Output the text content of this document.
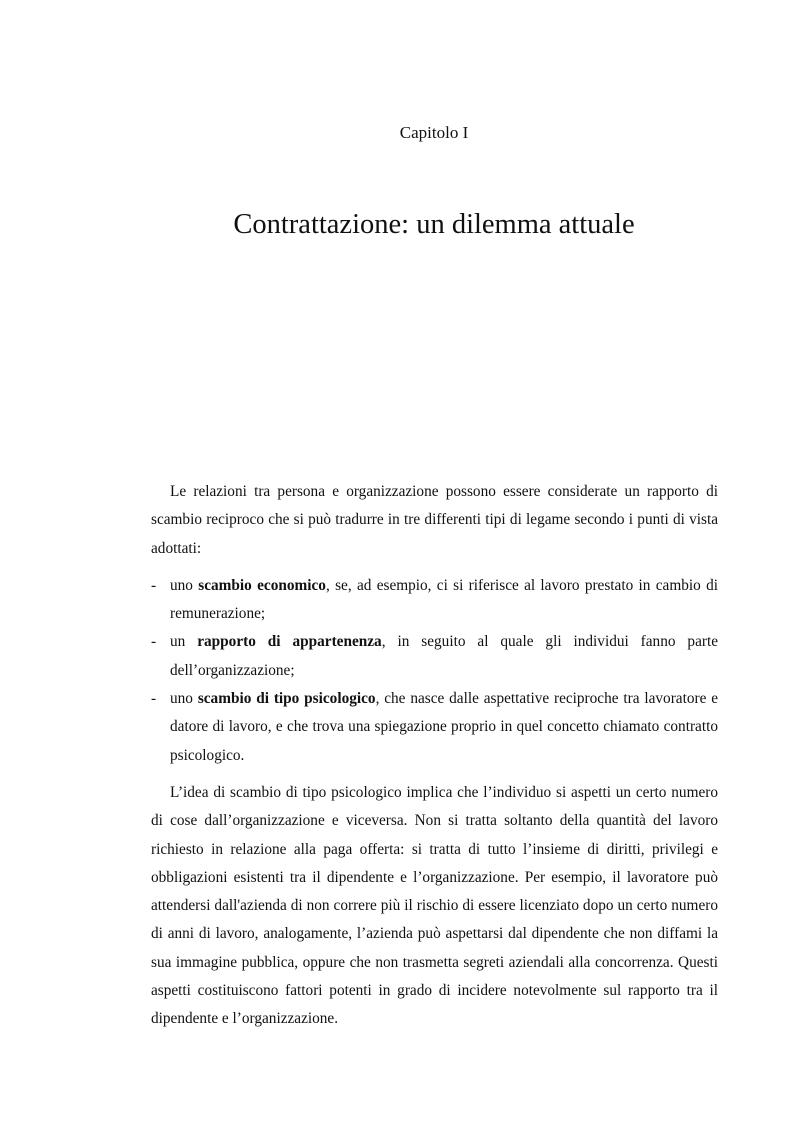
Capitolo I
Contrattazione: un dilemma attuale

Le relazioni tra persona e organizzazione possono essere considerate un rapporto di scambio reciproco che si può tradurre in tre differenti tipi di legame secondo i punti di vista adottati:

- uno scambio economico, se, ad esempio, ci si riferisce al lavoro prestato in cambio di remunerazione;
- un rapporto di appartenenza, in seguito al quale gli individui fanno parte dell’organizzazione;
- uno scambio di tipo psicologico, che nasce dalle aspettative reciproche tra lavoratore e datore di lavoro, e che trova una spiegazione proprio in quel concetto chiamato contratto psicologico.

L’idea di scambio di tipo psicologico implica che l’individuo si aspetti un certo numero di cose dall’organizzazione e viceversa. Non si tratta soltanto della quantità del lavoro richiesto in relazione alla paga offerta: si tratta di tutto l’insieme di diritti, privilegi e obbligazioni esistenti tra il dipendente e l’organizzazione. Per esempio, il lavoratore può attendersi dall'azienda di non correre più il rischio di essere licenziato dopo un certo numero di anni di lavoro, analogamente, l’azienda può aspettarsi dal dipendente che non diffami la sua immagine pubblica, oppure che non trasmetta segreti aziendali alla concorrenza. Questi aspetti costituiscono fattori potenti in grado di incidere notevolmente sul rapporto tra il dipendente e l’organizzazione.
